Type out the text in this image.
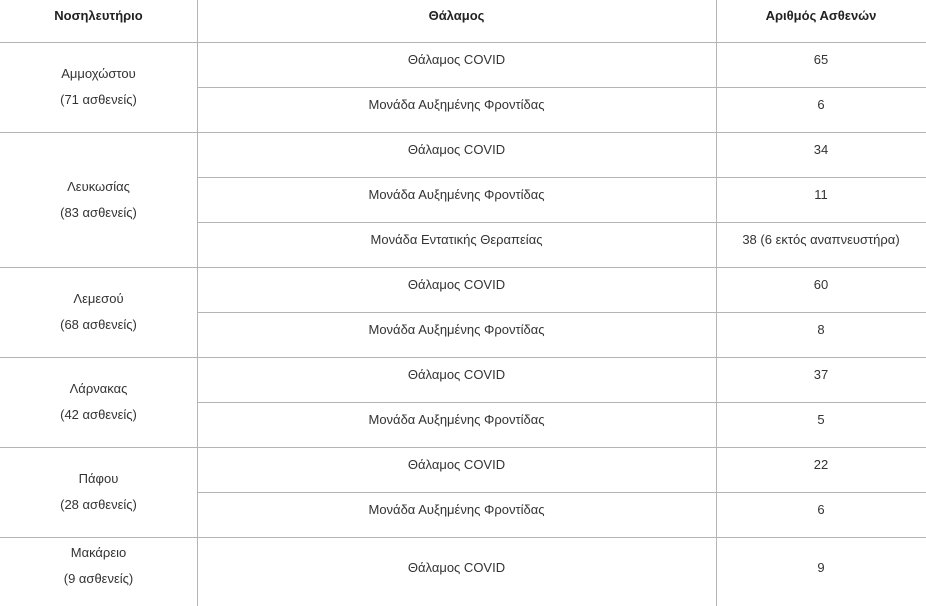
Νοσηλευτήριο	Θάλαμος	Αριθμός Ασθενών
Αμμοχώστου
(71 ασθενείς)
Θάλαμος COVID	65
Μονάδα Αυξημένης Φροντίδας	6
Λευκωσίας
(83 ασθενείς)
Θάλαμος COVID	34
Μονάδα Αυξημένης Φροντίδας	11
Μονάδα Εντατικής Θεραπείας	38 (6 εκτός αναπνευστήρα)
Λεμεσού
(68 ασθενείς)
Θάλαμος COVID	60
Μονάδα Αυξημένης Φροντίδας	8
Λάρνακας
(42 ασθενείς)
Θάλαμος COVID	37
Μονάδα Αυξημένης Φροντίδας	5
Πάφου
(28 ασθενείς)
Θάλαμος COVID	22
Μονάδα Αυξημένης Φροντίδας	6
Μακάρειο
(9 ασθενείς)
Θάλαμος COVID	9
